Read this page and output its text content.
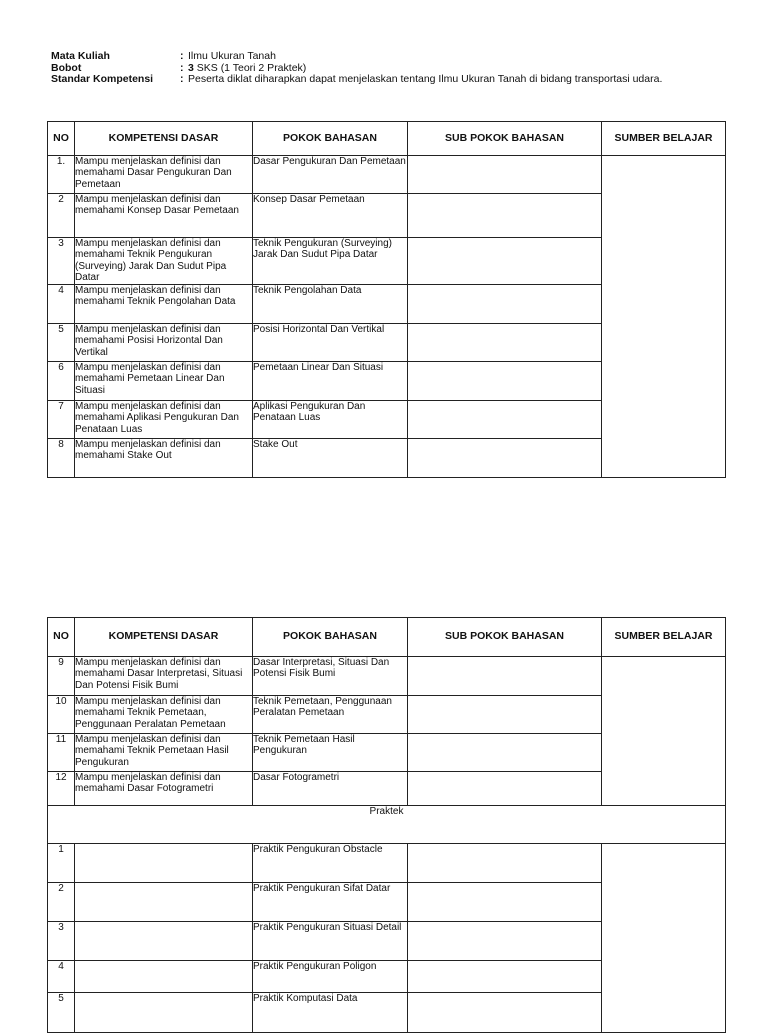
Mata Kuliah	: Ilmu Ukuran Tanah
Bobot	: 3 SKS (1 Teori 2 Praktek)
Standar Kompetensi	: Peserta diklat diharapkan dapat menjelaskan tentang Ilmu Ukuran Tanah di bidang transportasi udara.
NO	KOMPETENSI DASAR	POKOK BAHASAN	SUB POKOK BAHASAN	SUMBER BELAJAR
1.	Mampu menjelaskan definisi dan memahami Dasar Pengukuran Dan Pemetaan	Dasar Pengukuran Dan Pemetaan		
2	Mampu menjelaskan definisi dan memahami Konsep Dasar Pemetaan	Konsep Dasar Pemetaan		
3	Mampu menjelaskan definisi dan memahami Teknik Pengukuran (Surveying) Jarak Dan Sudut Pipa Datar	Teknik Pengukuran (Surveying) Jarak Dan Sudut Pipa Datar		
4	Mampu menjelaskan definisi dan memahami Teknik Pengolahan Data	Teknik Pengolahan Data		
5	Mampu menjelaskan definisi dan memahami Posisi Horizontal Dan Vertikal	Posisi Horizontal Dan Vertikal		
6	Mampu menjelaskan definisi dan memahami Pemetaan Linear Dan Situasi	Pemetaan Linear Dan Situasi		
7	Mampu menjelaskan definisi dan memahami Aplikasi Pengukuran Dan Penataan Luas	Aplikasi Pengukuran Dan Penataan Luas		
8	Mampu menjelaskan definisi dan memahami Stake Out	Stake Out		
NO	KOMPETENSI DASAR	POKOK BAHASAN	SUB POKOK BAHASAN	SUMBER BELAJAR
9	Mampu menjelaskan definisi dan memahami Dasar Interpretasi, Situasi Dan Potensi Fisik Bumi	Dasar Interpretasi, Situasi Dan Potensi Fisik Bumi		
10	Mampu menjelaskan definisi dan memahami Teknik Pemetaan, Penggunaan Peralatan Pemetaan	Teknik Pemetaan, Penggunaan Peralatan Pemetaan		
11	Mampu menjelaskan definisi dan memahami Teknik Pemetaan Hasil Pengukuran	Teknik Pemetaan Hasil Pengukuran		
12	Mampu menjelaskan definisi dan memahami Dasar Fotogrametri	Dasar Fotogrametri		
Praktek				
1		Praktik Pengukuran Obstacle		
2		Praktik Pengukuran Sifat Datar		
3		Praktik Pengukuran Situasi Detail		
4		Praktik Pengukuran Poligon		
5		Praktik Komputasi Data		
